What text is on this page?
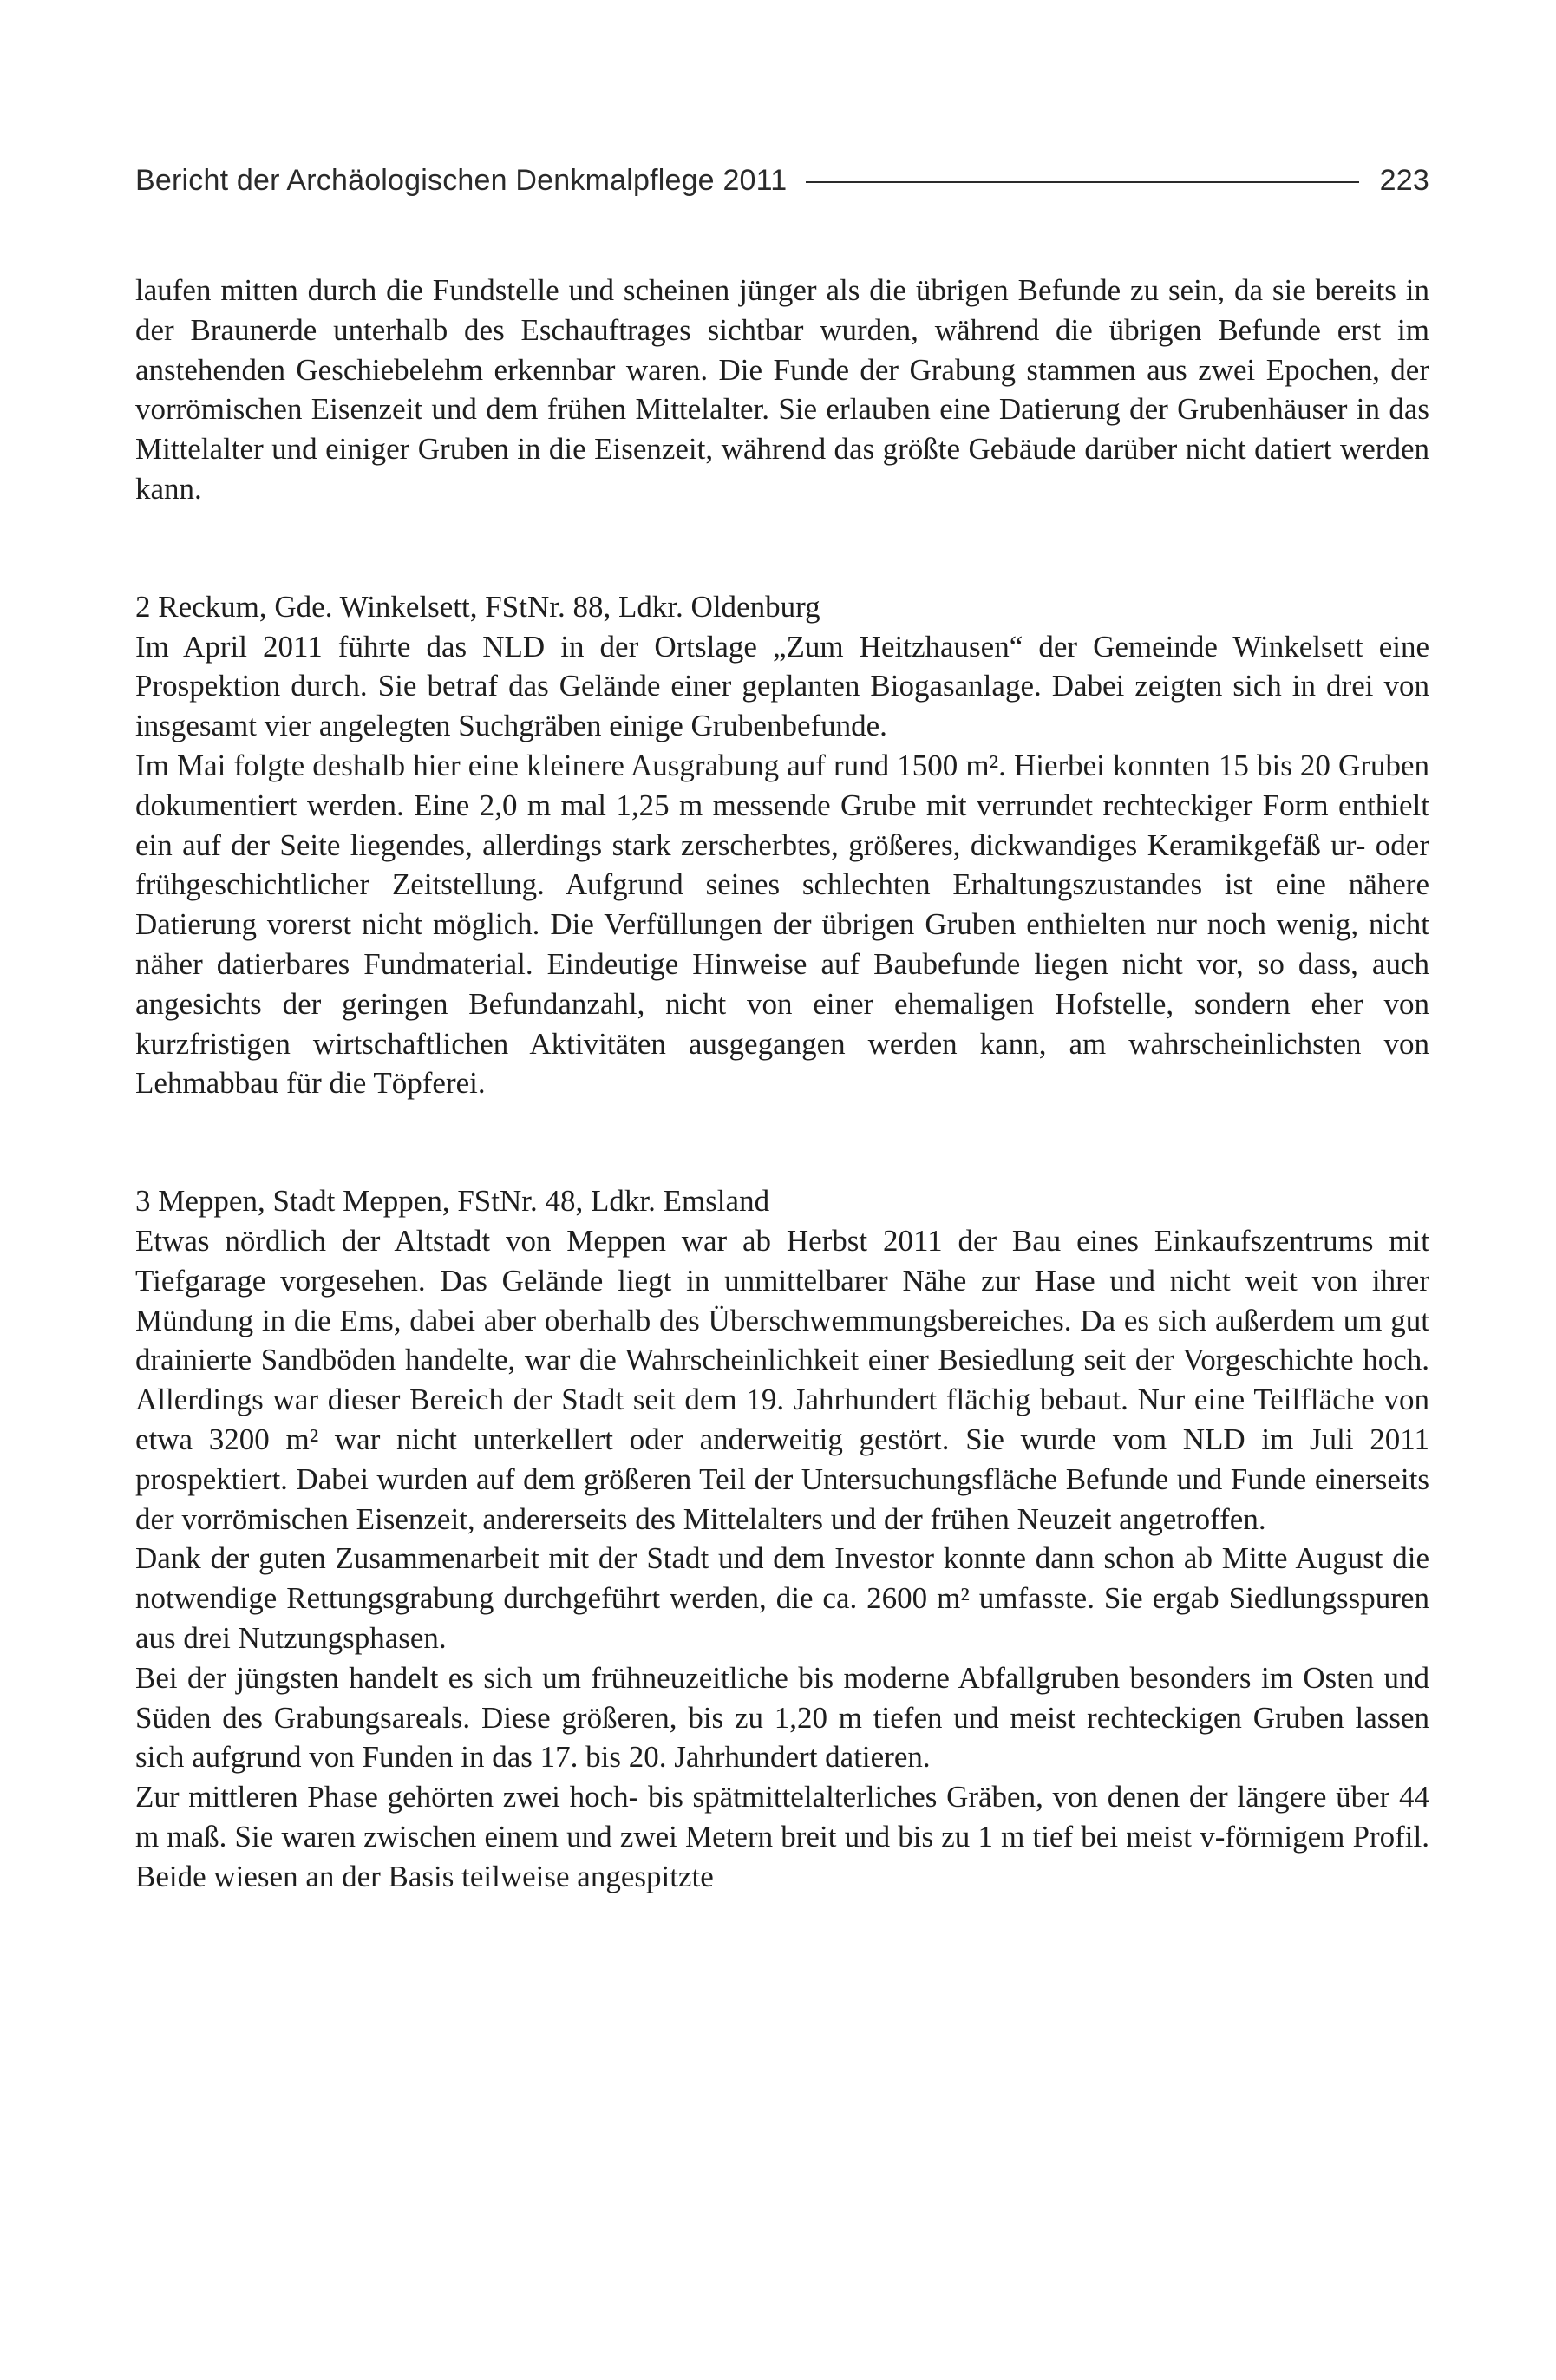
Bericht der Archäologischen Denkmalpflege 2011	223

laufen mitten durch die Fundstelle und scheinen jünger als die übrigen Befunde zu sein, da sie bereits in der Braunerde unterhalb des Eschauftrages sichtbar wurden, während die übrigen Befunde erst im anstehenden Geschiebelehm erkennbar waren. Die Funde der Grabung stammen aus zwei Epochen, der vorrömischen Eisenzeit und dem frühen Mittelalter. Sie erlauben eine Datierung der Grubenhäuser in das Mittelalter und einiger Gruben in die Eisenzeit, während das größte Gebäude darüber nicht datiert werden kann.

2 Reckum, Gde. Winkelsett, FStNr. 88, Ldkr. Oldenburg

Im April 2011 führte das NLD in der Ortslage „Zum Heitzhausen“ der Gemeinde Winkelsett eine Prospektion durch. Sie betraf das Gelände einer geplanten Biogasanlage. Dabei zeigten sich in drei von insgesamt vier angelegten Suchgräben einige Grubenbefunde.

Im Mai folgte deshalb hier eine kleinere Ausgrabung auf rund 1500 m². Hierbei konnten 15 bis 20 Gruben dokumentiert werden. Eine 2,0 m mal 1,25 m messende Grube mit verrundet rechteckiger Form enthielt ein auf der Seite liegendes, allerdings stark zerscherbtes, größeres, dickwandiges Keramikgefäß ur- oder frühgeschichtlicher Zeitstellung. Aufgrund seines schlechten Erhaltungszustandes ist eine nähere Datierung vorerst nicht möglich. Die Verfüllungen der übrigen Gruben enthielten nur noch wenig, nicht näher datierbares Fundmaterial. Eindeutige Hinweise auf Baubefunde liegen nicht vor, so dass, auch angesichts der geringen Befundanzahl, nicht von einer ehemaligen Hofstelle, sondern eher von kurzfristigen wirtschaftlichen Aktivitäten ausgegangen werden kann, am wahrscheinlichsten von Lehmabbau für die Töpferei.

3 Meppen, Stadt Meppen, FStNr. 48, Ldkr. Emsland

Etwas nördlich der Altstadt von Meppen war ab Herbst 2011 der Bau eines Einkaufszentrums mit Tiefgarage vorgesehen. Das Gelände liegt in unmittelbarer Nähe zur Hase und nicht weit von ihrer Mündung in die Ems, dabei aber oberhalb des Überschwemmungsbereiches. Da es sich außerdem um gut drainierte Sandböden handelte, war die Wahrscheinlichkeit einer Besiedlung seit der Vorgeschichte hoch. Allerdings war dieser Bereich der Stadt seit dem 19. Jahrhundert flächig bebaut. Nur eine Teilfläche von etwa 3200 m² war nicht unterkellert oder anderweitig gestört. Sie wurde vom NLD im Juli 2011 prospektiert. Dabei wurden auf dem größeren Teil der Untersuchungsfläche Befunde und Funde einerseits der vorrömischen Eisenzeit, andererseits des Mittelalters und der frühen Neuzeit angetroffen.

Dank der guten Zusammenarbeit mit der Stadt und dem Investor konnte dann schon ab Mitte August die notwendige Rettungsgrabung durchgeführt werden, die ca. 2600 m² umfasste. Sie ergab Siedlungsspuren aus drei Nutzungsphasen.

Bei der jüngsten handelt es sich um frühneuzeitliche bis moderne Abfallgruben besonders im Osten und Süden des Grabungsareals. Diese größeren, bis zu 1,20 m tiefen und meist rechteckigen Gruben lassen sich aufgrund von Funden in das 17. bis 20. Jahrhundert datieren.

Zur mittleren Phase gehörten zwei hoch- bis spätmittelalterliches Gräben, von denen der längere über 44 m maß. Sie waren zwischen einem und zwei Metern breit und bis zu 1 m tief bei meist v-förmigem Profil. Beide wiesen an der Basis teilweise angespitzte
